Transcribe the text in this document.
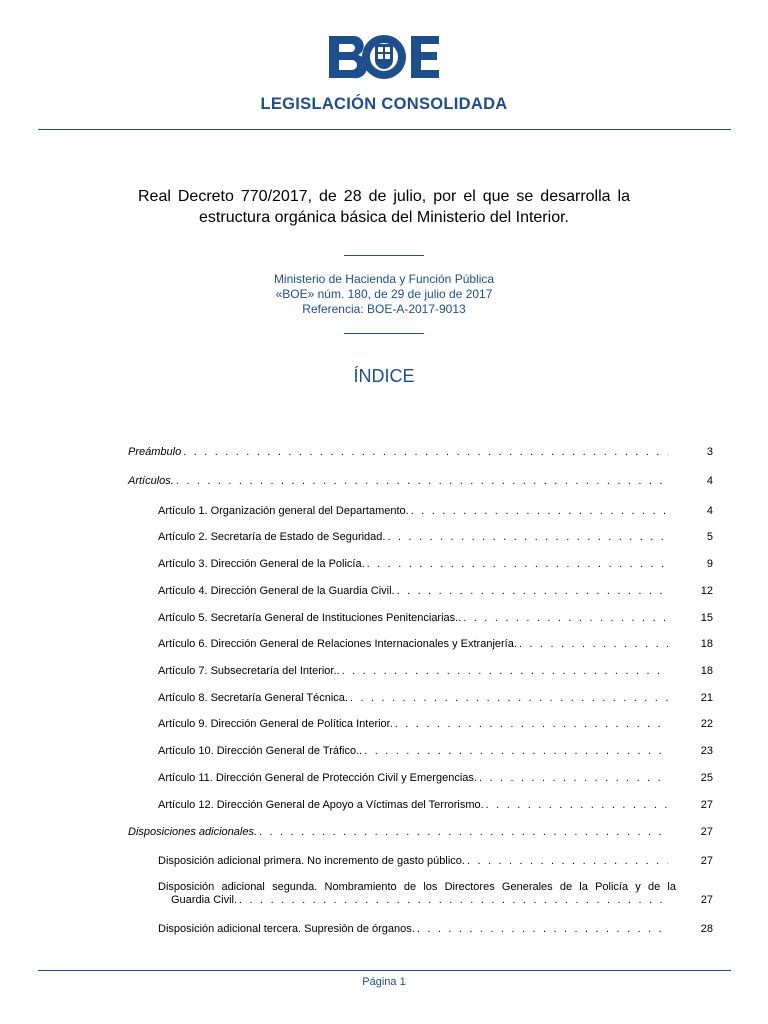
LEGISLACIÓN CONSOLIDADA
Real Decreto 770/2017, de 28 de julio, por el que se desarrolla la estructura orgánica básica del Ministerio del Interior.
Ministerio de Hacienda y Función Pública
«BOE» núm. 180, de 29 de julio de 2017
Referencia: BOE-A-2017-9013
ÍNDICE
Preámbulo . . .	3
Artículos. . . .	4
Artículo 1. Organización general del Departamento. . . .	4
Artículo 2. Secretaría de Estado de Seguridad. . . .	5
Artículo 3. Dirección General de la Policía. . . .	9
Artículo 4. Dirección General de la Guardia Civil. . . .	12
Artículo 5. Secretaría General de Instituciones Penitenciarias.. . . .	15
Artículo 6. Dirección General de Relaciones Internacionales y Extranjería. . . .	18
Artículo 7. Subsecretaría del Interior.. . . .	18
Artículo 8. Secretaría General Técnica. . . .	21
Artículo 9. Dirección General de Política Interior. . . .	22
Artículo 10. Dirección General de Tráfico.. . . .	23
Artículo 11. Dirección General de Protección Civil y Emergencias. . . .	25
Artículo 12. Dirección General de Apoyo a Víctimas del Terrorismo. . . .	27
Disposiciones adicionales. . . .	27
Disposición adicional primera. No incremento de gasto público. . . .	27
Disposición adicional segunda. Nombramiento de los Directores Generales de la Policía y de la
Guardia Civil. . . .	27
Disposición adicional tercera. Supresión de órganos. . . .	28
Página 1
